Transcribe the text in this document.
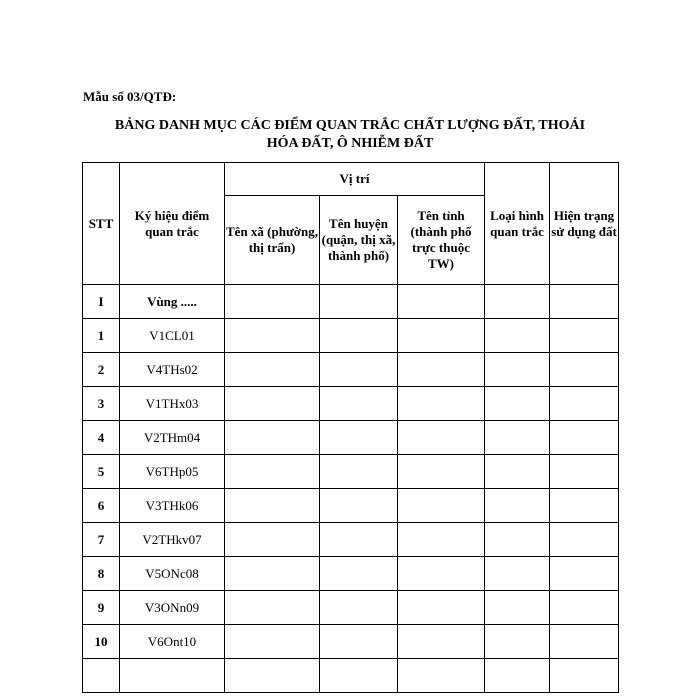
Mẫu số 03/QTĐ:
BẢNG DANH MỤC CÁC ĐIỂM QUAN TRẮC CHẤT LƯỢNG ĐẤT, THOÁI
HÓA ĐẤT, Ô NHIỄM ĐẤT
STT	Ký hiệu điểm quan trắc	Vị trí			Loại hình quan trắc	Hiện trạng sử dụng đất
		Tên xã (phường, thị trấn)	Tên huyện (quận, thị xã, thành phố)	Tên tỉnh (thành phố trực thuộc TW)		
I	Vùng .....					
1	V1CL01					
2	V4THs02					
3	V1THx03					
4	V2THm04					
5	V6THp05					
6	V3THk06					
7	V2THkv07					
8	V5ONc08					
9	V3ONn09					
10	V6Ont10					
